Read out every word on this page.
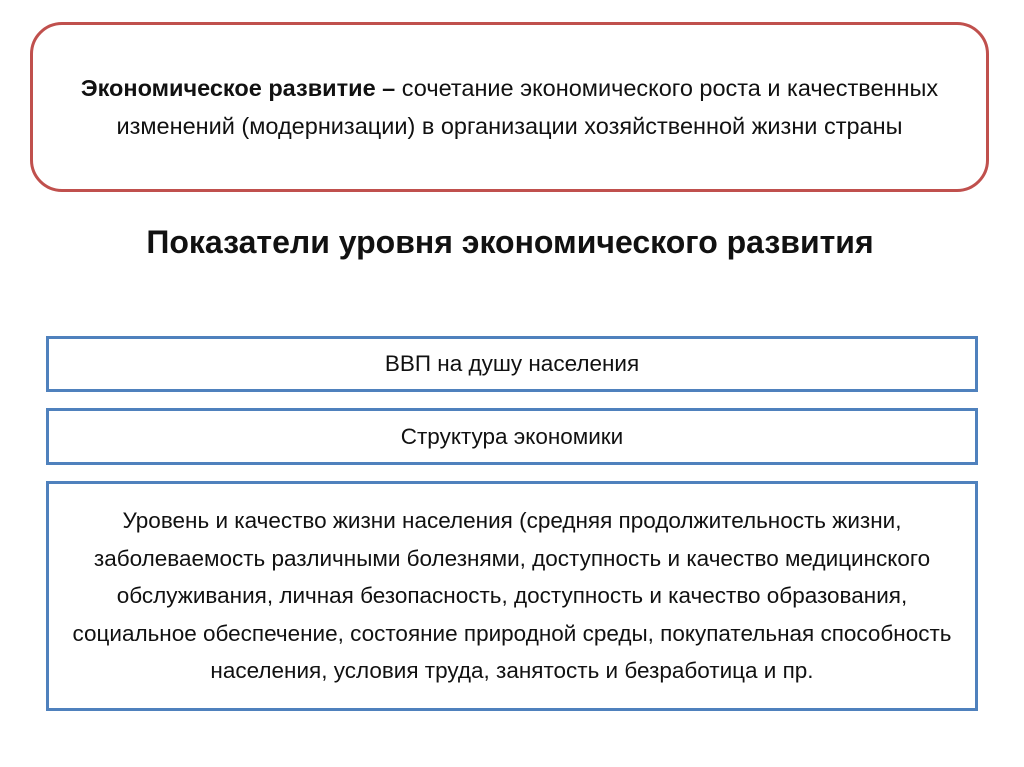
Экономическое развитие – сочетание экономического роста и качественных изменений (модернизации) в организации хозяйственной жизни страны
Показатели уровня экономического развития
ВВП на душу населения
Структура экономики
Уровень и качество жизни населения (средняя продолжительность жизни, заболеваемость различными болезнями, доступность и качество медицинского обслуживания, личная безопасность, доступность и качество образования, социальное обеспечение, состояние природной среды, покупательная способность населения, условия труда, занятость и безработица и пр.
